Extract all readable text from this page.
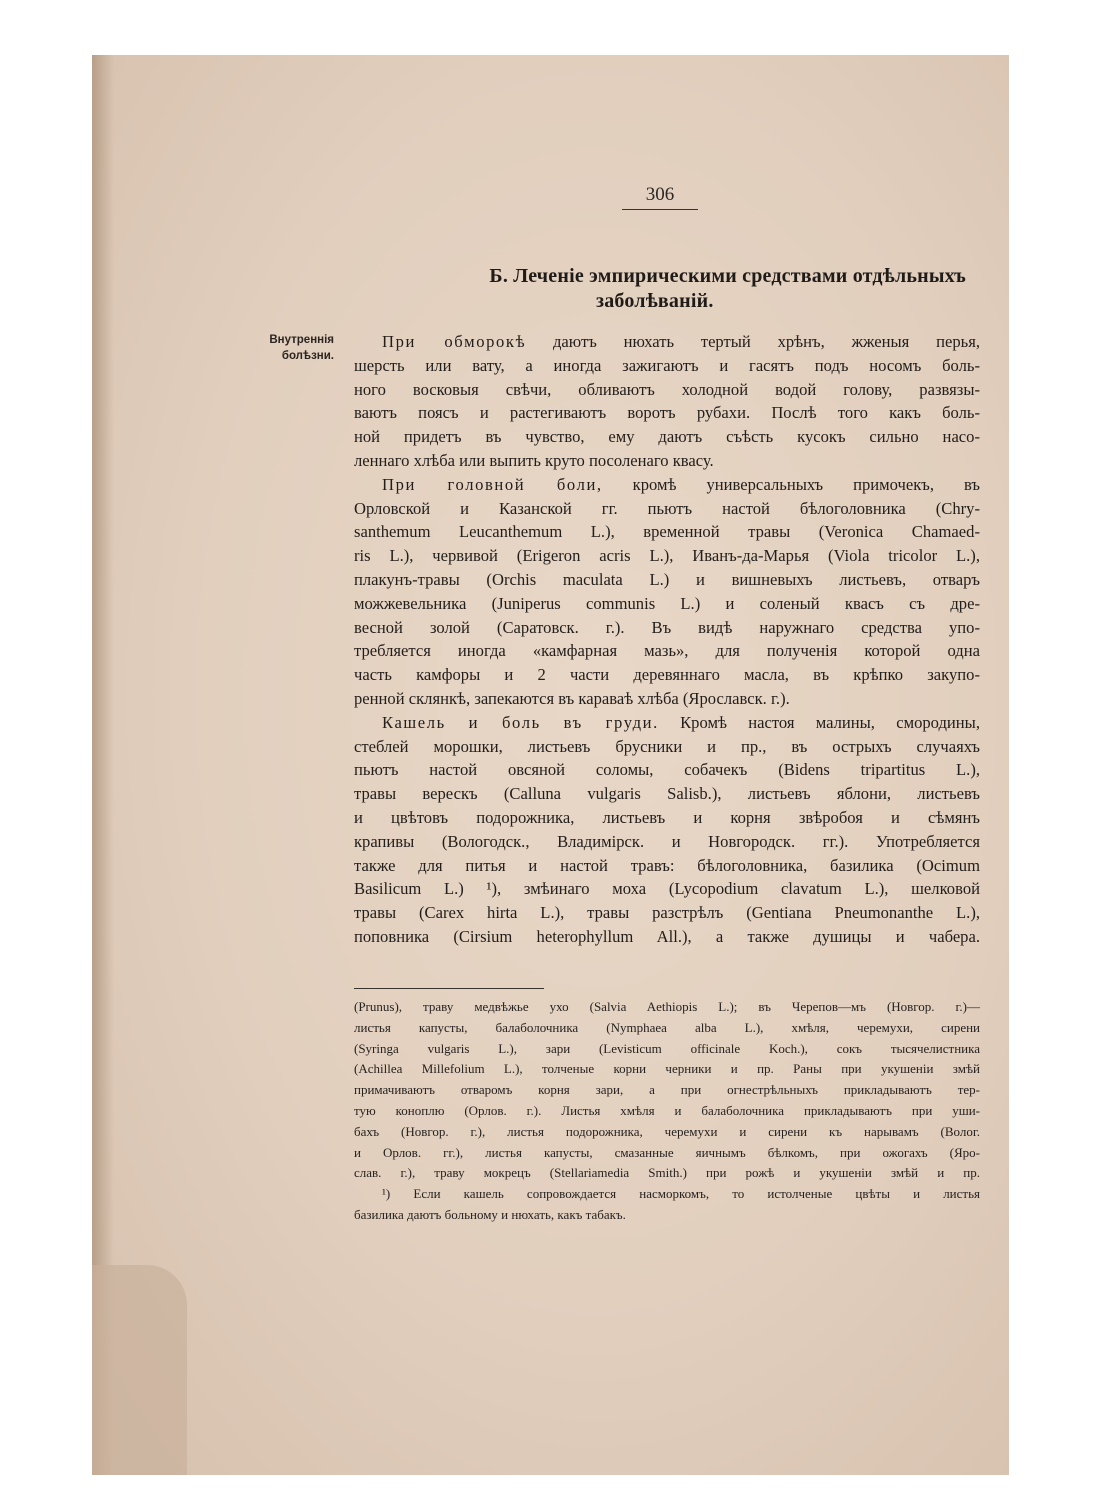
306
Б. Леченіе эмпирическими средствами отдѣльныхъ
заболѣваній.
Внутреннія
болѣзни.
При обморокѣ даютъ нюхать тертый хрѣнъ, жженыя перья,
шерсть или вату, а иногда зажигаютъ и гасятъ подъ носомъ боль-
ного восковыя свѣчи, обливаютъ холодной водой голову, развязы-
ваютъ поясъ и растегиваютъ воротъ рубахи. Послѣ того какъ боль-
ной придетъ въ чувство, ему даютъ съѣсть кусокъ сильно насо-
леннаго хлѣба или выпить круто посоленаго квасу.
При головной боли, кромѣ универсальныхъ примочекъ, въ
Орловской и Казанской гг. пьютъ настой бѣлоголовника (Chry-
santhemum Leucanthemum L.), временной травы (Veronica Chamaed-
ris L.), червивой (Erigeron acris L.), Иванъ-да-Марья (Viola tricolor L.),
плакунъ-травы (Orchis maculata L.) и вишневыхъ листьевъ, отваръ
можжевельника (Juniperus communis L.) и соленый квасъ съ дре-
весной золой (Саратовск. г.). Въ видѣ наружнаго средства упо-
требляется иногда «камфарная мазь», для полученія которой одна
часть камфоры и 2 части деревяннаго масла, въ крѣпко закупо-
ренной склянкѣ, запекаются въ караваѣ хлѣба (Ярославск. г.).
Кашель и боль въ груди. Кромѣ настоя малины, смородины,
стеблей морошки, листьевъ брусники и пр., въ острыхъ случаяхъ
пьютъ настой овсяной соломы, собачекъ (Bidens tripartitus L.),
травы верескъ (Calluna vulgaris Salisb.), листьевъ яблони, листьевъ
и цвѣтовъ подорожника, листьевъ и корня звѣробоя и сѣмянъ
крапивы (Вологодск., Владимірск. и Новгородск. гг.). Употребляется
также для питья и настой травъ: бѣлоголовника, базилика (Ocimum
Basilicum L.) ¹), змѣинаго моха (Lycopodium clavatum L.), шелковой
травы (Carex hirta L.), травы разстрѣлъ (Gentiana Pneumonanthe L.),
поповника (Cirsium heterophyllum All.), а также душицы и чабера.
(Prunus), траву медвѣжье ухо (Salvia Aethiopis L.); въ Черепов—мъ (Новгор. г.)—
листья капусты, балаболочника (Nymphaea alba L.), хмѣля, черемухи, сирени
(Syringa vulgaris L.), зари (Levisticum officinale Koch.), сокъ тысячелистника
(Achillea Millefolium L.), толченые корни черники и пр. Раны при укушеніи змѣй
примачиваютъ отваромъ корня зари, а при огнестрѣльныхъ прикладываютъ тер-
тую коноплю (Орлов. г.). Листья хмѣля и балаболочника прикладываютъ при уши-
бахъ (Новгор. г.), листья подорожника, черемухи и сирени къ нарывамъ (Волог.
и Орлов. гг.), листья капусты, смазанные яичнымъ бѣлкомъ, при ожогахъ (Яро-
слав. г.), траву мокрецъ (Stellariamedia Smith.) при рожѣ и укушеніи змѣй и пр.
¹) Если кашель сопровождается насморкомъ, то истолченые цвѣты и листья
базилика даютъ больному и нюхать, какъ табакъ.
